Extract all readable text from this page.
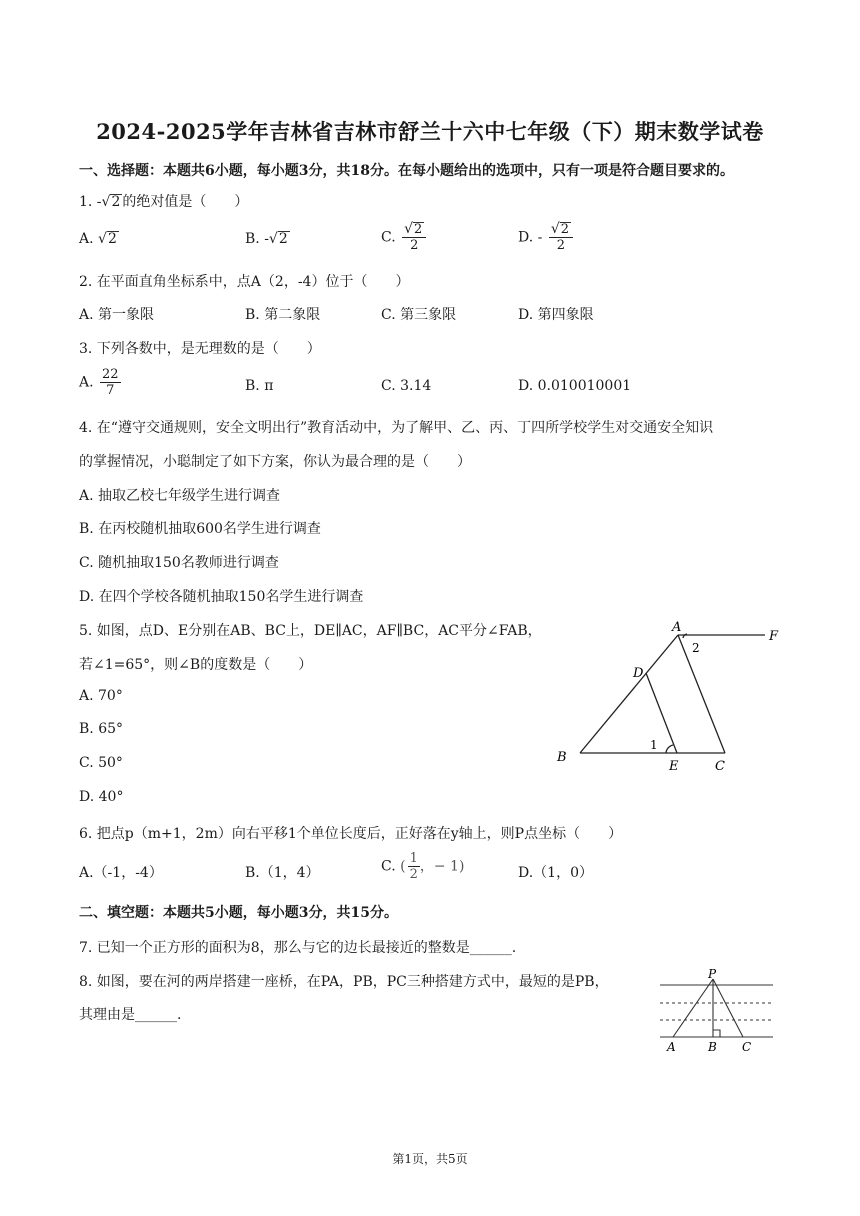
2024-2025学年吉林省吉林市舒兰十六中七年级（下）期末数学试卷
一、选择题：本题共6小题，每小题3分，共18分。在每小题给出的选项中，只有一项是符合题目要求的。
1. -√2 的绝对值是（　　）
A. √2	B. -√2	C. $\frac{√2}{2}$	D. - $\frac{√2}{2}$
2. 在平面直角坐标系中，点A（2，-4）位于（　　）
A. 第一象限	B. 第二象限	C. 第三象限	D. 第四象限
3. 下列各数中，是无理数的是（　　）
A. $\frac{22}{7}$	B. π	C. 3.14	D. 0.010010001
4. 在“遵守交通规则，安全文明出行”教育活动中，为了解甲、乙、丙、丁四所学校学生对交通安全知识
的掌握情况，小聪制定了如下方案，你认为最合理的是（　　）
A. 抽取乙校七年级学生进行调查
B. 在丙校随机抽取600名学生进行调查
C. 随机抽取150名教师进行调查
D. 在四个学校各随机抽取150名学生进行调查
5. 如图，点D、E分别在AB、BC上，DE∥AC，AF∥BC，AC平分∠FAB，
若∠1=65°，则∠B的度数是（　　）
A. 70°
B. 65°
C. 50°
D. 40°
A
F
D
B
E	C
1
2
6. 把点p（m+1，2m）向右平移1个单位长度后，正好落在y轴上，则P点坐标（　　）
A.（-1，-4）	B.（1，4）	C. ( $\frac{1}{2}$ ，− 1)	D.（1，0）
二、填空题：本题共5小题，每小题3分，共15分。
7. 已知一个正方形的面积为8，那么与它的边长最接近的整数是______.
8. 如图，要在河的两岸搭建一座桥，在PA，PB，PC三种搭建方式中，最短的是PB，
其理由是______.
P
A	B C
第1页，共5页
